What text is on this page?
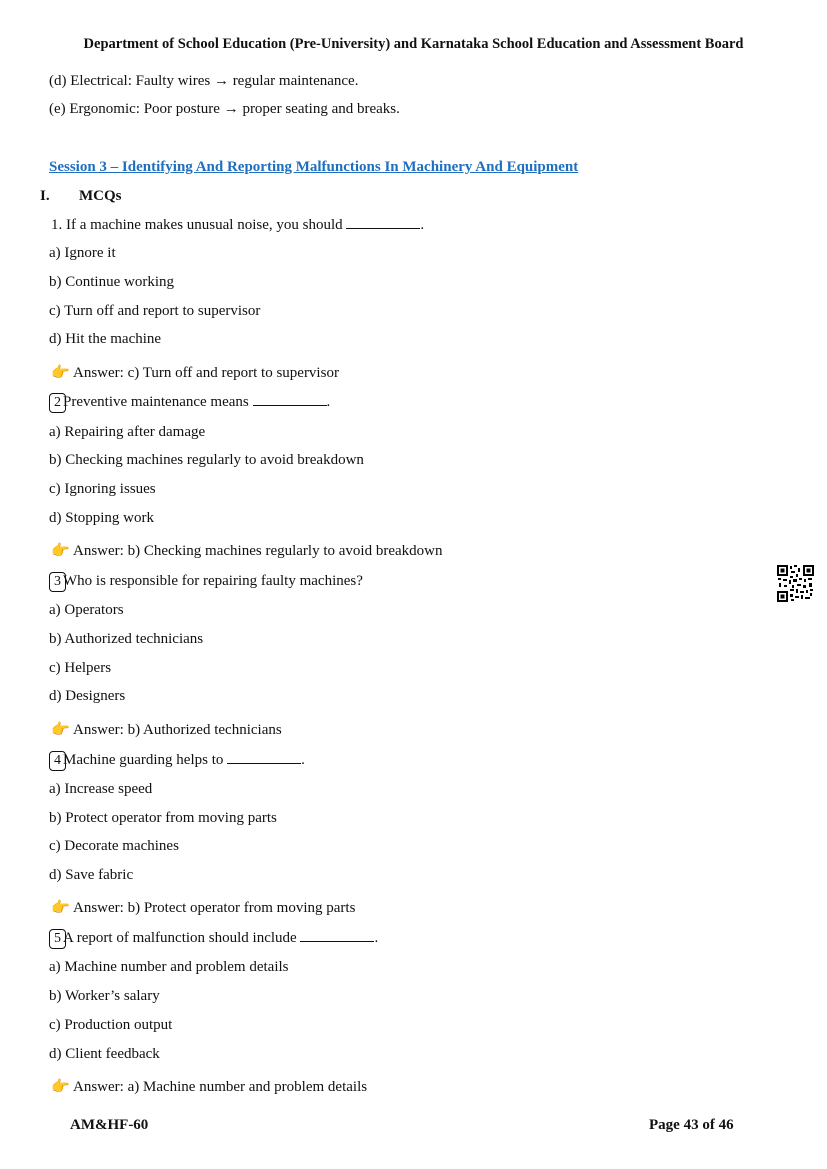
Department of School Education (Pre-University) and Karnataka School Education and Assessment Board
(d) Electrical: Faulty wires → regular maintenance.
(e) Ergonomic: Poor posture → proper seating and breaks.
Session 3 – Identifying And Reporting Malfunctions In Machinery And Equipment
I. MCQs
1. If a machine makes unusual noise, you should	.
a) Ignore it
b) Continue working
c) Turn off and report to supervisor
d) Hit the machine
👉 Answer: c) Turn off and report to supervisor
2 Preventive maintenance means	.
a) Repairing after damage
b) Checking machines regularly to avoid breakdown
c) Ignoring issues
d) Stopping work
👉 Answer: b) Checking machines regularly to avoid breakdown
3 Who is responsible for repairing faulty machines?
a) Operators
b) Authorized technicians
c) Helpers
d) Designers
👉 Answer: b) Authorized technicians
4 Machine guarding helps to	.
a) Increase speed
b) Protect operator from moving parts
c) Decorate machines
d) Save fabric
👉 Answer: b) Protect operator from moving parts
5 A report of malfunction should include	.
a) Machine number and problem details
b) Worker’s salary
c) Production output
d) Client feedback
👉 Answer: a) Machine number and problem details
AM&HF-60	Page 43 of 46
